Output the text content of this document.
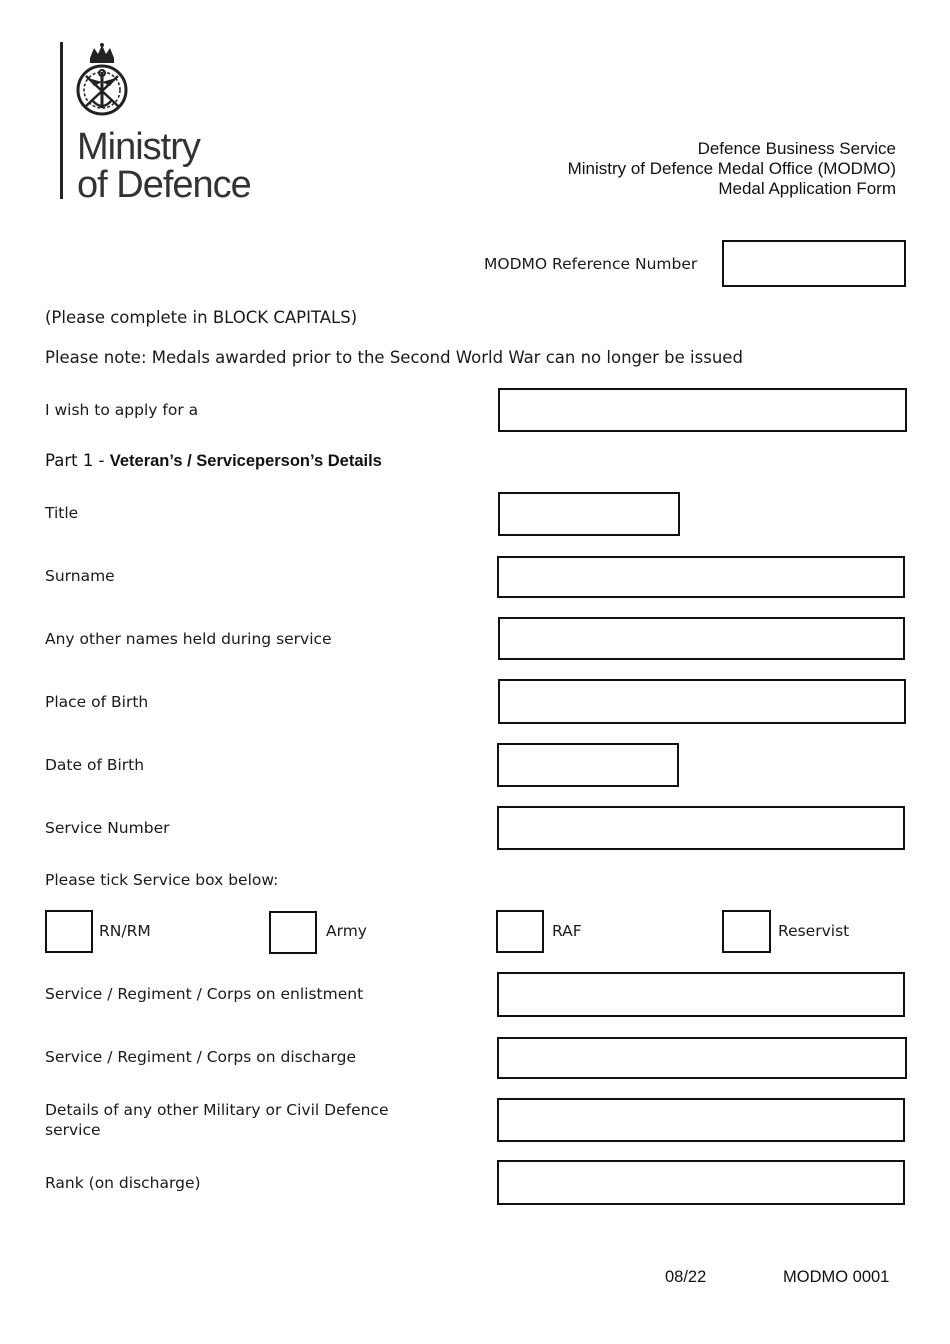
Ministry
of Defence
Defence Business Service
Ministry of Defence Medal Office (MODMO)
Medal Application Form
MODMO Reference Number
(Please complete in BLOCK CAPITALS)
Please note: Medals awarded prior to the Second World War can no longer be issued
I wish to apply for a
Part 1 - Veteran’s / Serviceperson’s Details
Title
Surname
Any other names held during service
Place of Birth
Date of Birth
Service Number
Please tick Service box below:
RN/RM	Army	RAF	Reservist
Service / Regiment / Corps on enlistment
Service / Regiment / Corps on discharge
Details of any other Military or Civil Defence
service
Rank (on discharge)
08/22	MODMO 0001
